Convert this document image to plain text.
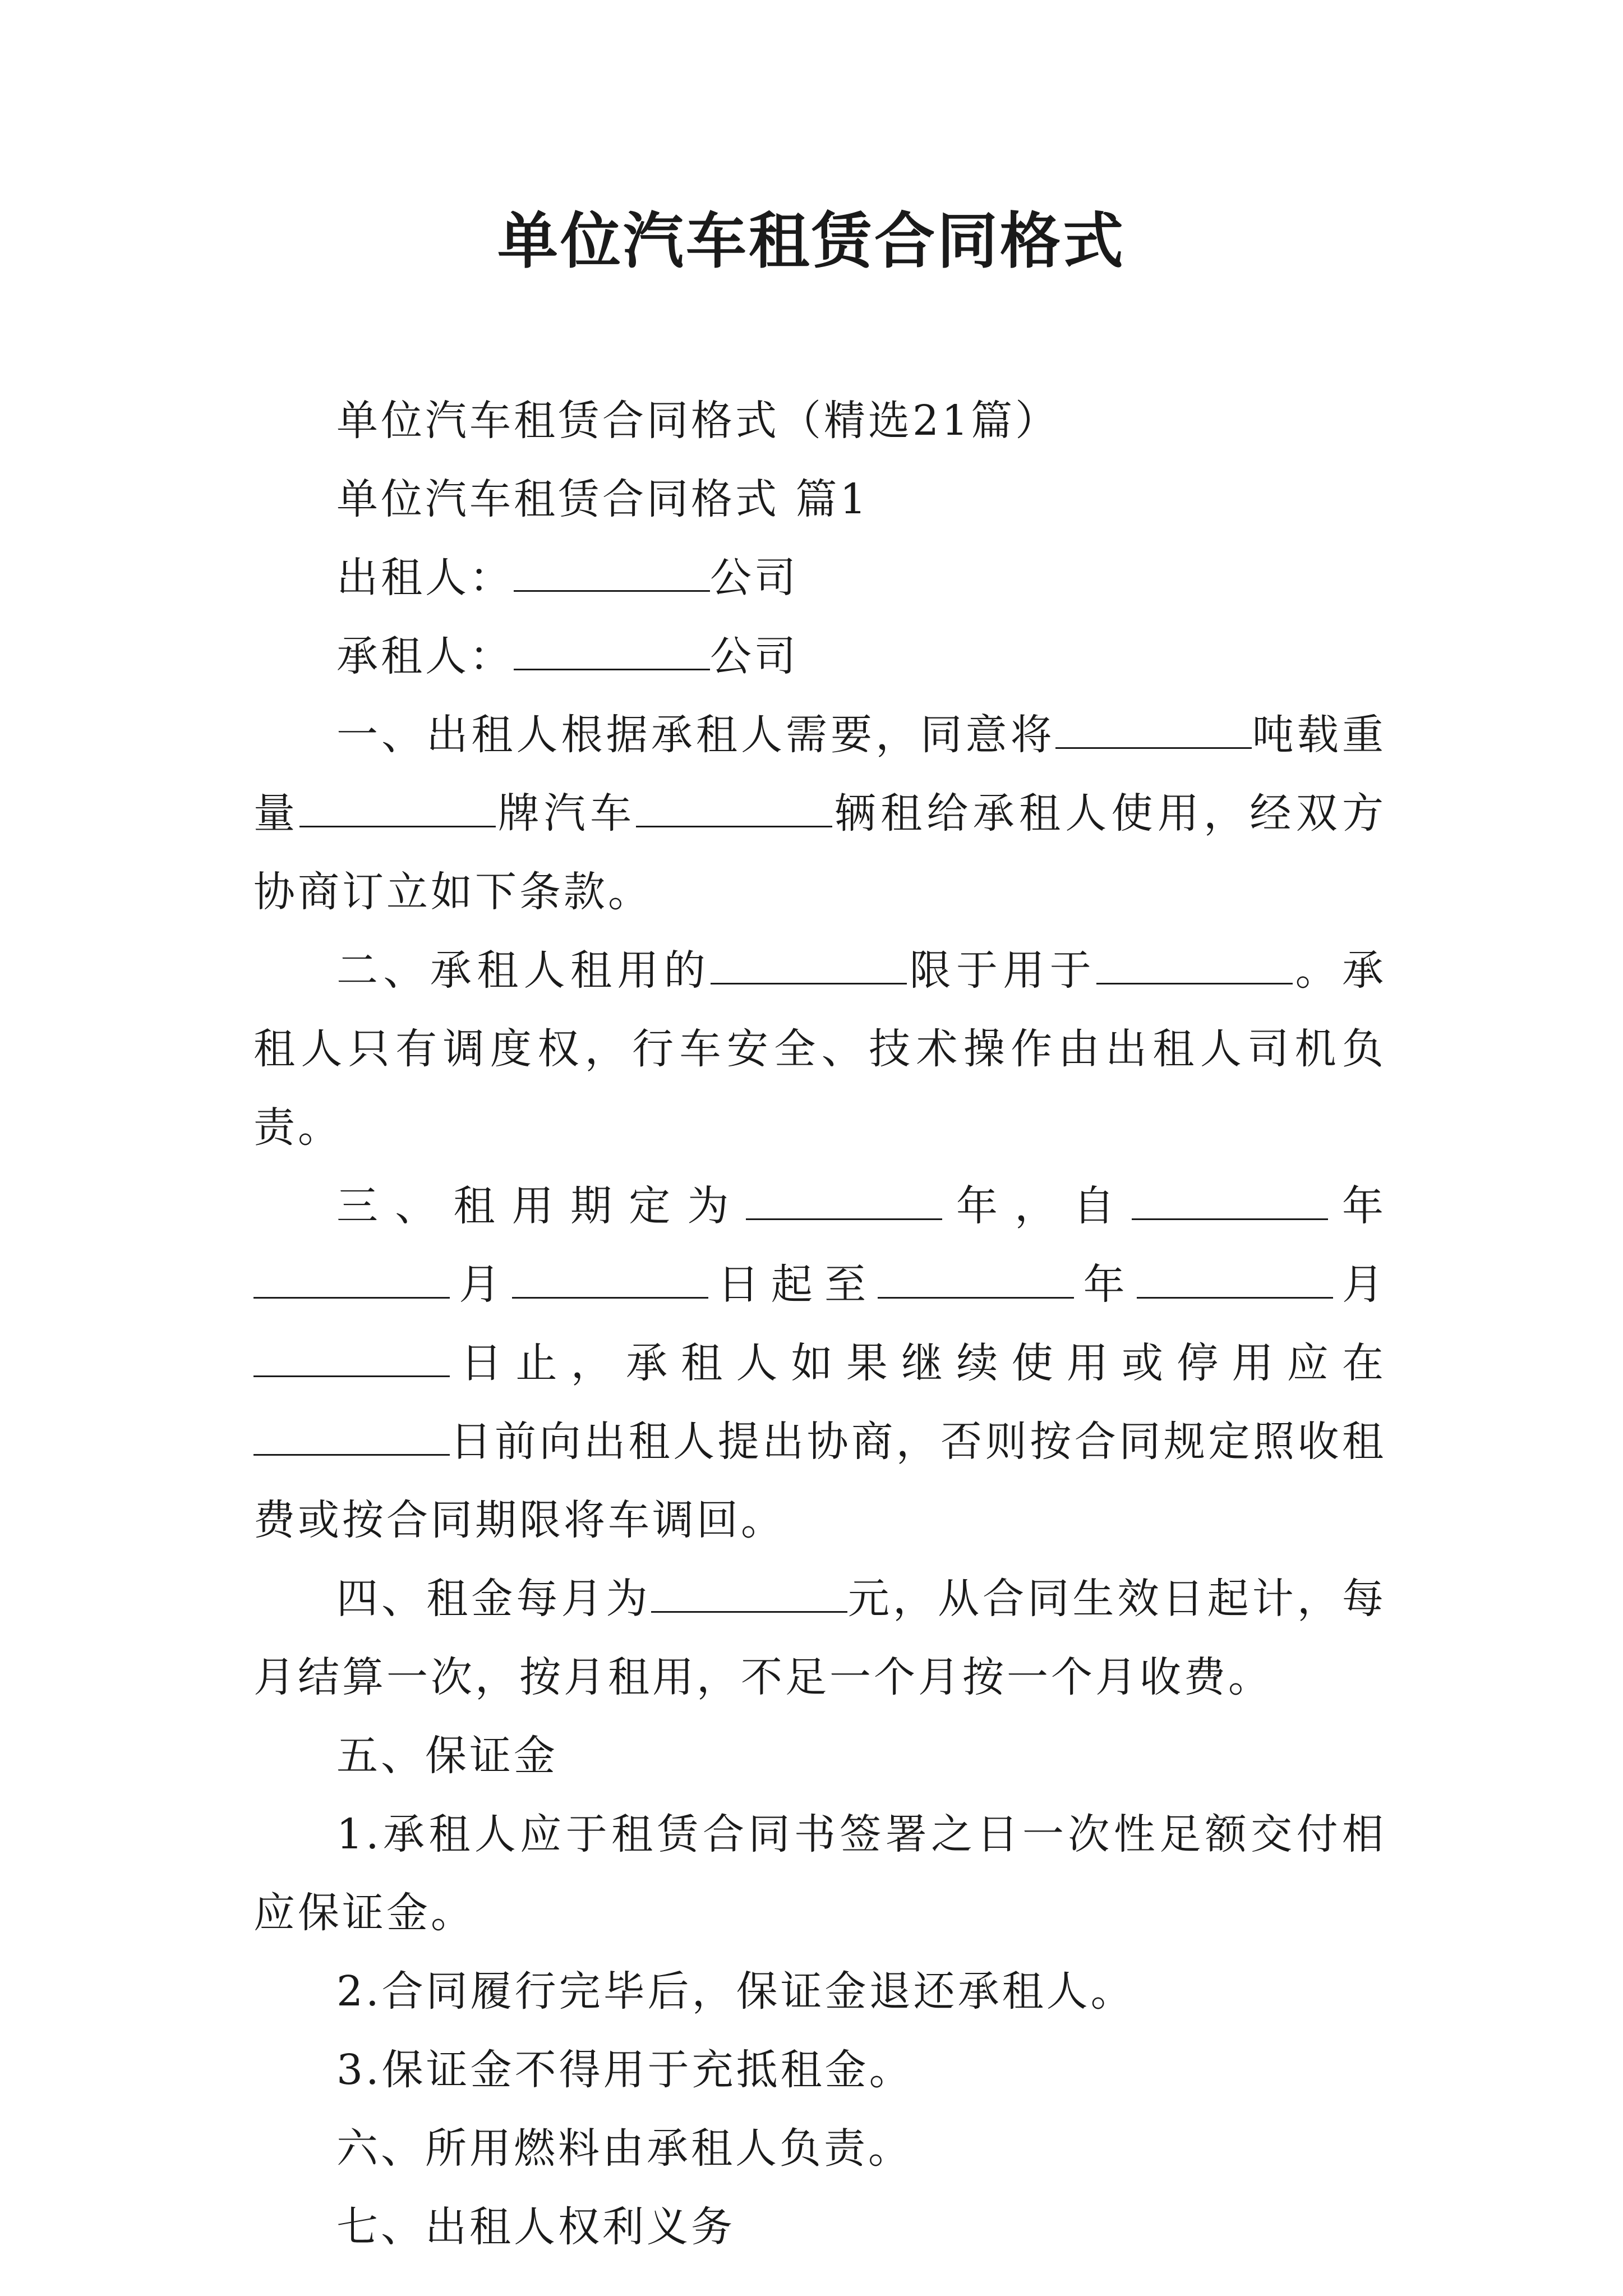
单位汽车租赁合同格式

单位汽车租赁合同格式（精选21篇）

单位汽车租赁合同格式 篇1

出租人：	公司

承租人：	公司

一、出租人根据承租人需要，同意将	吨载重量	牌汽车	辆租给承租人使用，经双方协商订立如下条款。

二、承租人租用的	限于用于	。承租人只有调度权，行车安全、技术操作由出租人司机负责。

三、租用期定为	年，自	年月	日起至	年	月日止，承租人如果继续使用或停用应在日前向出租人提出协商，否则按合同规定照收租费或按合同期限将车调回。

四、租金每月为	元，从合同生效日起计，每月结算一次，按月租用，不足一个月按一个月收费。

五、保证金

1.承租人应于租赁合同书签署之日一次性足额交付相应保证金。

2.合同履行完毕后，保证金退还承租人。

3.保证金不得用于充抵租金。

六、所用燃料由承租人负责。

七、出租人权利义务
